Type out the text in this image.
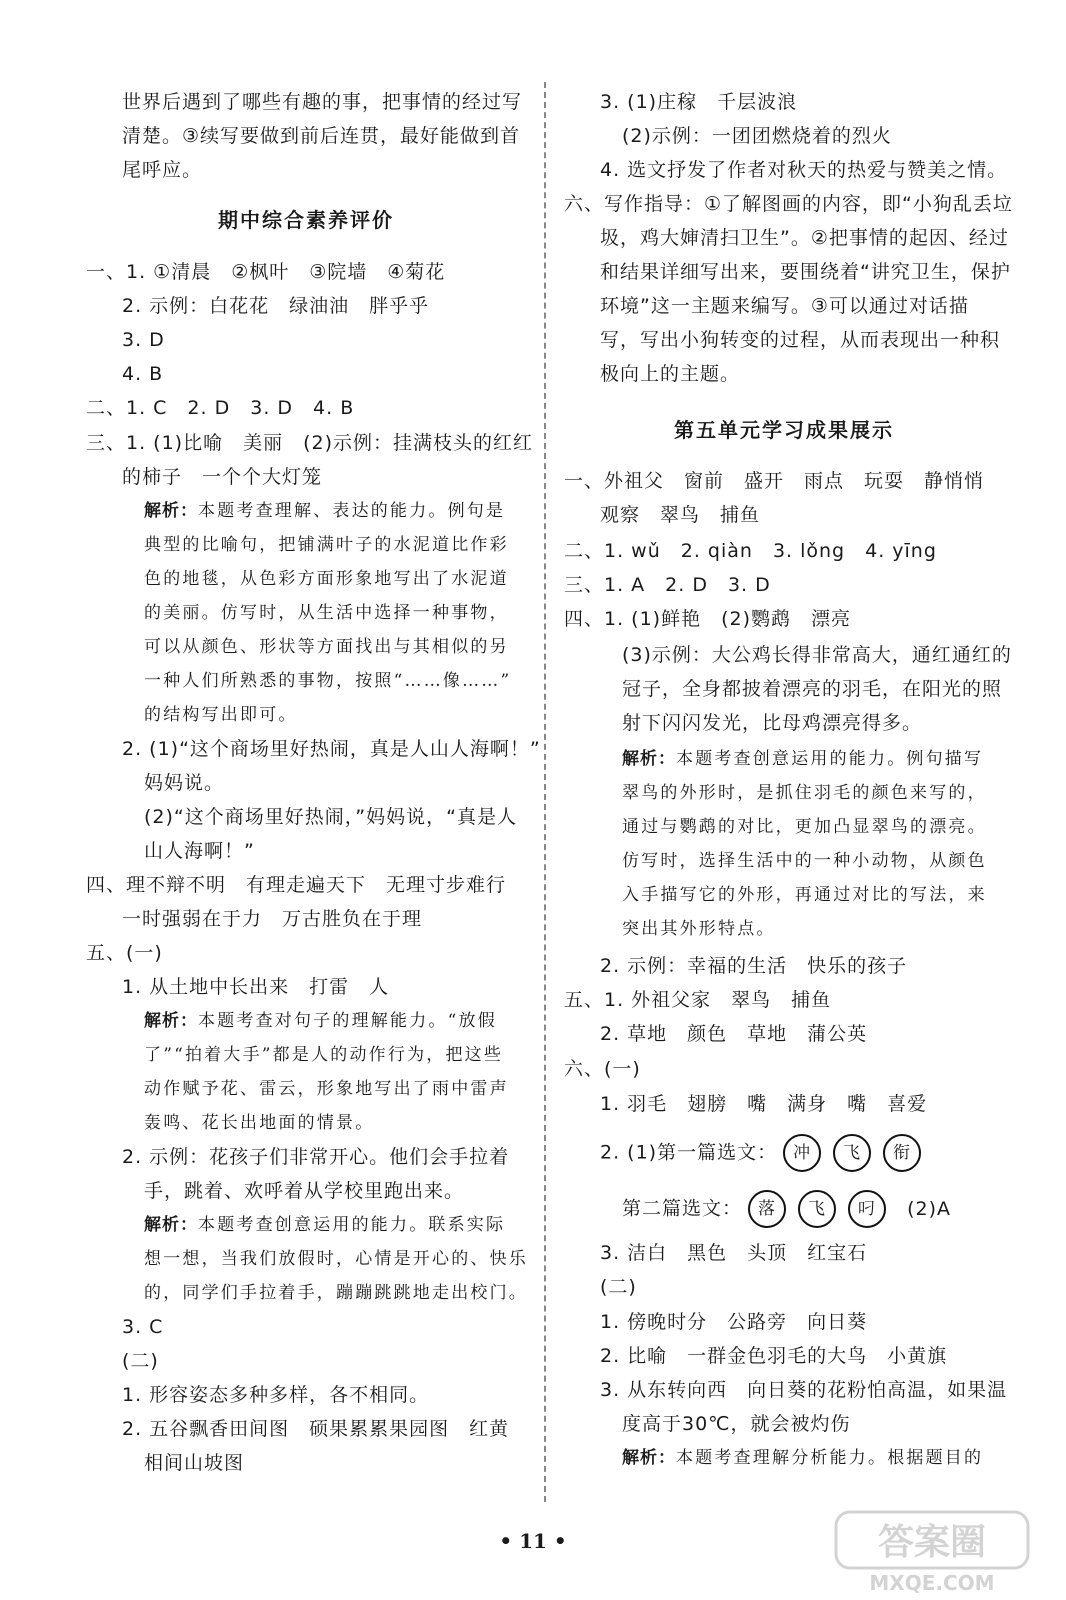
世界后遇到了哪些有趣的事，把事情的经过写
清楚。③续写要做到前后连贯，最好能做到首
尾呼应。
期中综合素养评价
一、1. ①清晨　②枫叶　③院墙　④菊花
2. 示例：白花花　绿油油　胖乎乎
3. D
4. B
二、1. C　2. D　3. D　4. B
三、1. (1)比喻　美丽　(2)示例：挂满枝头的红红
的柿子　一个个大灯笼
解析：本题考查理解、表达的能力。例句是
典型的比喻句，把铺满叶子的水泥道比作彩
色的地毯，从色彩方面形象地写出了水泥道
的美丽。仿写时，从生活中选择一种事物，
可以从颜色、形状等方面找出与其相似的另
一种人们所熟悉的事物，按照“……像……”
的结构写出即可。
2. (1)“这个商场里好热闹，真是人山人海啊！”
妈妈说。
(2)“这个商场里好热闹，”妈妈说，“真是人
山人海啊！”
四、理不辩不明　有理走遍天下　无理寸步难行
一时强弱在于力　万古胜负在于理
五、(一)
1. 从土地中长出来　打雷　人
解析：本题考查对句子的理解能力。“放假
了”“拍着大手”都是人的动作行为，把这些
动作赋予花、雷云，形象地写出了雨中雷声
轰鸣、花长出地面的情景。
2. 示例：花孩子们非常开心。他们会手拉着
手，跳着、欢呼着从学校里跑出来。
解析：本题考查创意运用的能力。联系实际
想一想，当我们放假时，心情是开心的、快乐
的，同学们手拉着手，蹦蹦跳跳地走出校门。
3. C
(二)
1. 形容姿态多种多样，各不相同。
2. 五谷飘香田间图　硕果累累果园图　红黄
相间山坡图
3. (1)庄稼　千层波浪
(2)示例：一团团燃烧着的烈火
4. 选文抒发了作者对秋天的热爱与赞美之情。
六、写作指导：①了解图画的内容，即“小狗乱丢垃
圾，鸡大婶清扫卫生”。②把事情的起因、经过
和结果详细写出来，要围绕着“讲究卫生，保护
环境”这一主题来编写。③可以通过对话描
写，写出小狗转变的过程，从而表现出一种积
极向上的主题。
第五单元学习成果展示
一、外祖父　窗前　盛开　雨点　玩耍　静悄悄
观察　翠鸟　捕鱼
二、1. wǔ　2. qiàn　3. lǒng　4. yīng
三、1. A　2. D　3. D
四、1. (1)鲜艳　(2)鹦鹉　漂亮
(3)示例：大公鸡长得非常高大，通红通红的
冠子，全身都披着漂亮的羽毛，在阳光的照
射下闪闪发光，比母鸡漂亮得多。
解析：本题考查创意运用的能力。例句描写
翠鸟的外形时，是抓住羽毛的颜色来写的，
通过与鹦鹉的对比，更加凸显翠鸟的漂亮。
仿写时，选择生活中的一种小动物，从颜色
入手描写它的外形，再通过对比的写法，来
突出其外形特点。
2. 示例：幸福的生活　快乐的孩子
五、1. 外祖父家　翠鸟　捕鱼
2. 草地　颜色　草地　蒲公英
六、(一)
1. 羽毛　翅膀　嘴　满身　嘴　喜爱
2. (1)第一篇选文： 冲 飞 衔
第二篇选文： 落 飞 叼 (2)A
3. 洁白　黑色　头顶　红宝石
(二)
1. 傍晚时分　公路旁　向日葵
2. 比喻　一群金色羽毛的大鸟　小黄旗
3. 从东转向西　向日葵的花粉怕高温，如果温
度高于30℃，就会被灼伤
解析：本题考查理解分析能力。根据题目的
• 11 •	答案圈
MXQE.COM
